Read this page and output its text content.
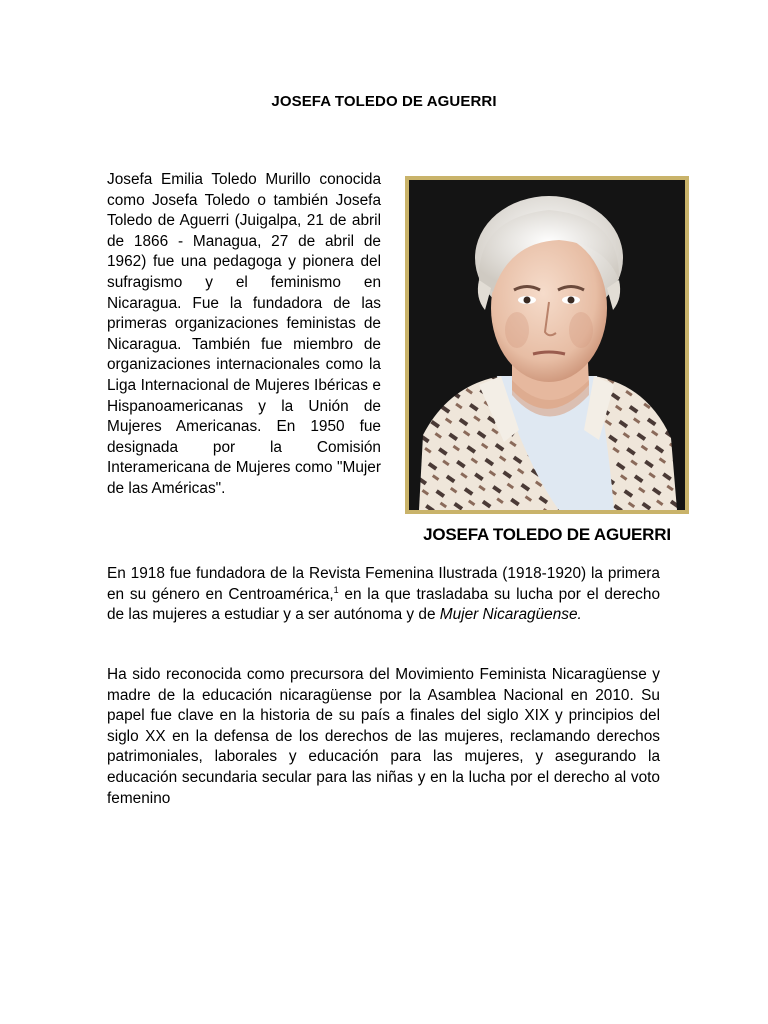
JOSEFA TOLEDO DE AGUERRI

Josefa Emilia Toledo Murillo conocida como Josefa Toledo o también Josefa Toledo de Aguerri (Juigalpa, 21 de abril de 1866 - Managua, 27 de abril de 1962) fue una pedagoga y pionera del sufragismo y el feminismo en Nicaragua. Fue la fundadora de las primeras organizaciones feministas de Nicaragua. También fue miembro de organizaciones internacionales como la Liga Internacional de Mujeres Ibéricas e Hispanoamericanas y la Unión de Mujeres Americanas. En 1950 fue designada por la Comisión Interamericana de Mujeres como "Mujer de las Américas".

JOSEFA TOLEDO DE AGUERRI

En 1918 fue fundadora de la Revista Femenina Ilustrada (1918-1920) la primera en su género en Centroamérica,$^1$ en la que trasladaba su lucha por el derecho de las mujeres a estudiar y a ser autónoma y de Mujer Nicaragüense.

Ha sido reconocida como precursora del Movimiento Feminista Nicaragüense y madre de la educación nicaragüense por la Asamblea Nacional en 2010. Su papel fue clave en la historia de su país a finales del siglo XIX y principios del siglo XX en la defensa de los derechos de las mujeres, reclamando derechos patrimoniales, laborales y educación para las mujeres, y asegurando la educación secundaria secular para las niñas y en la lucha por el derecho al voto femenino
